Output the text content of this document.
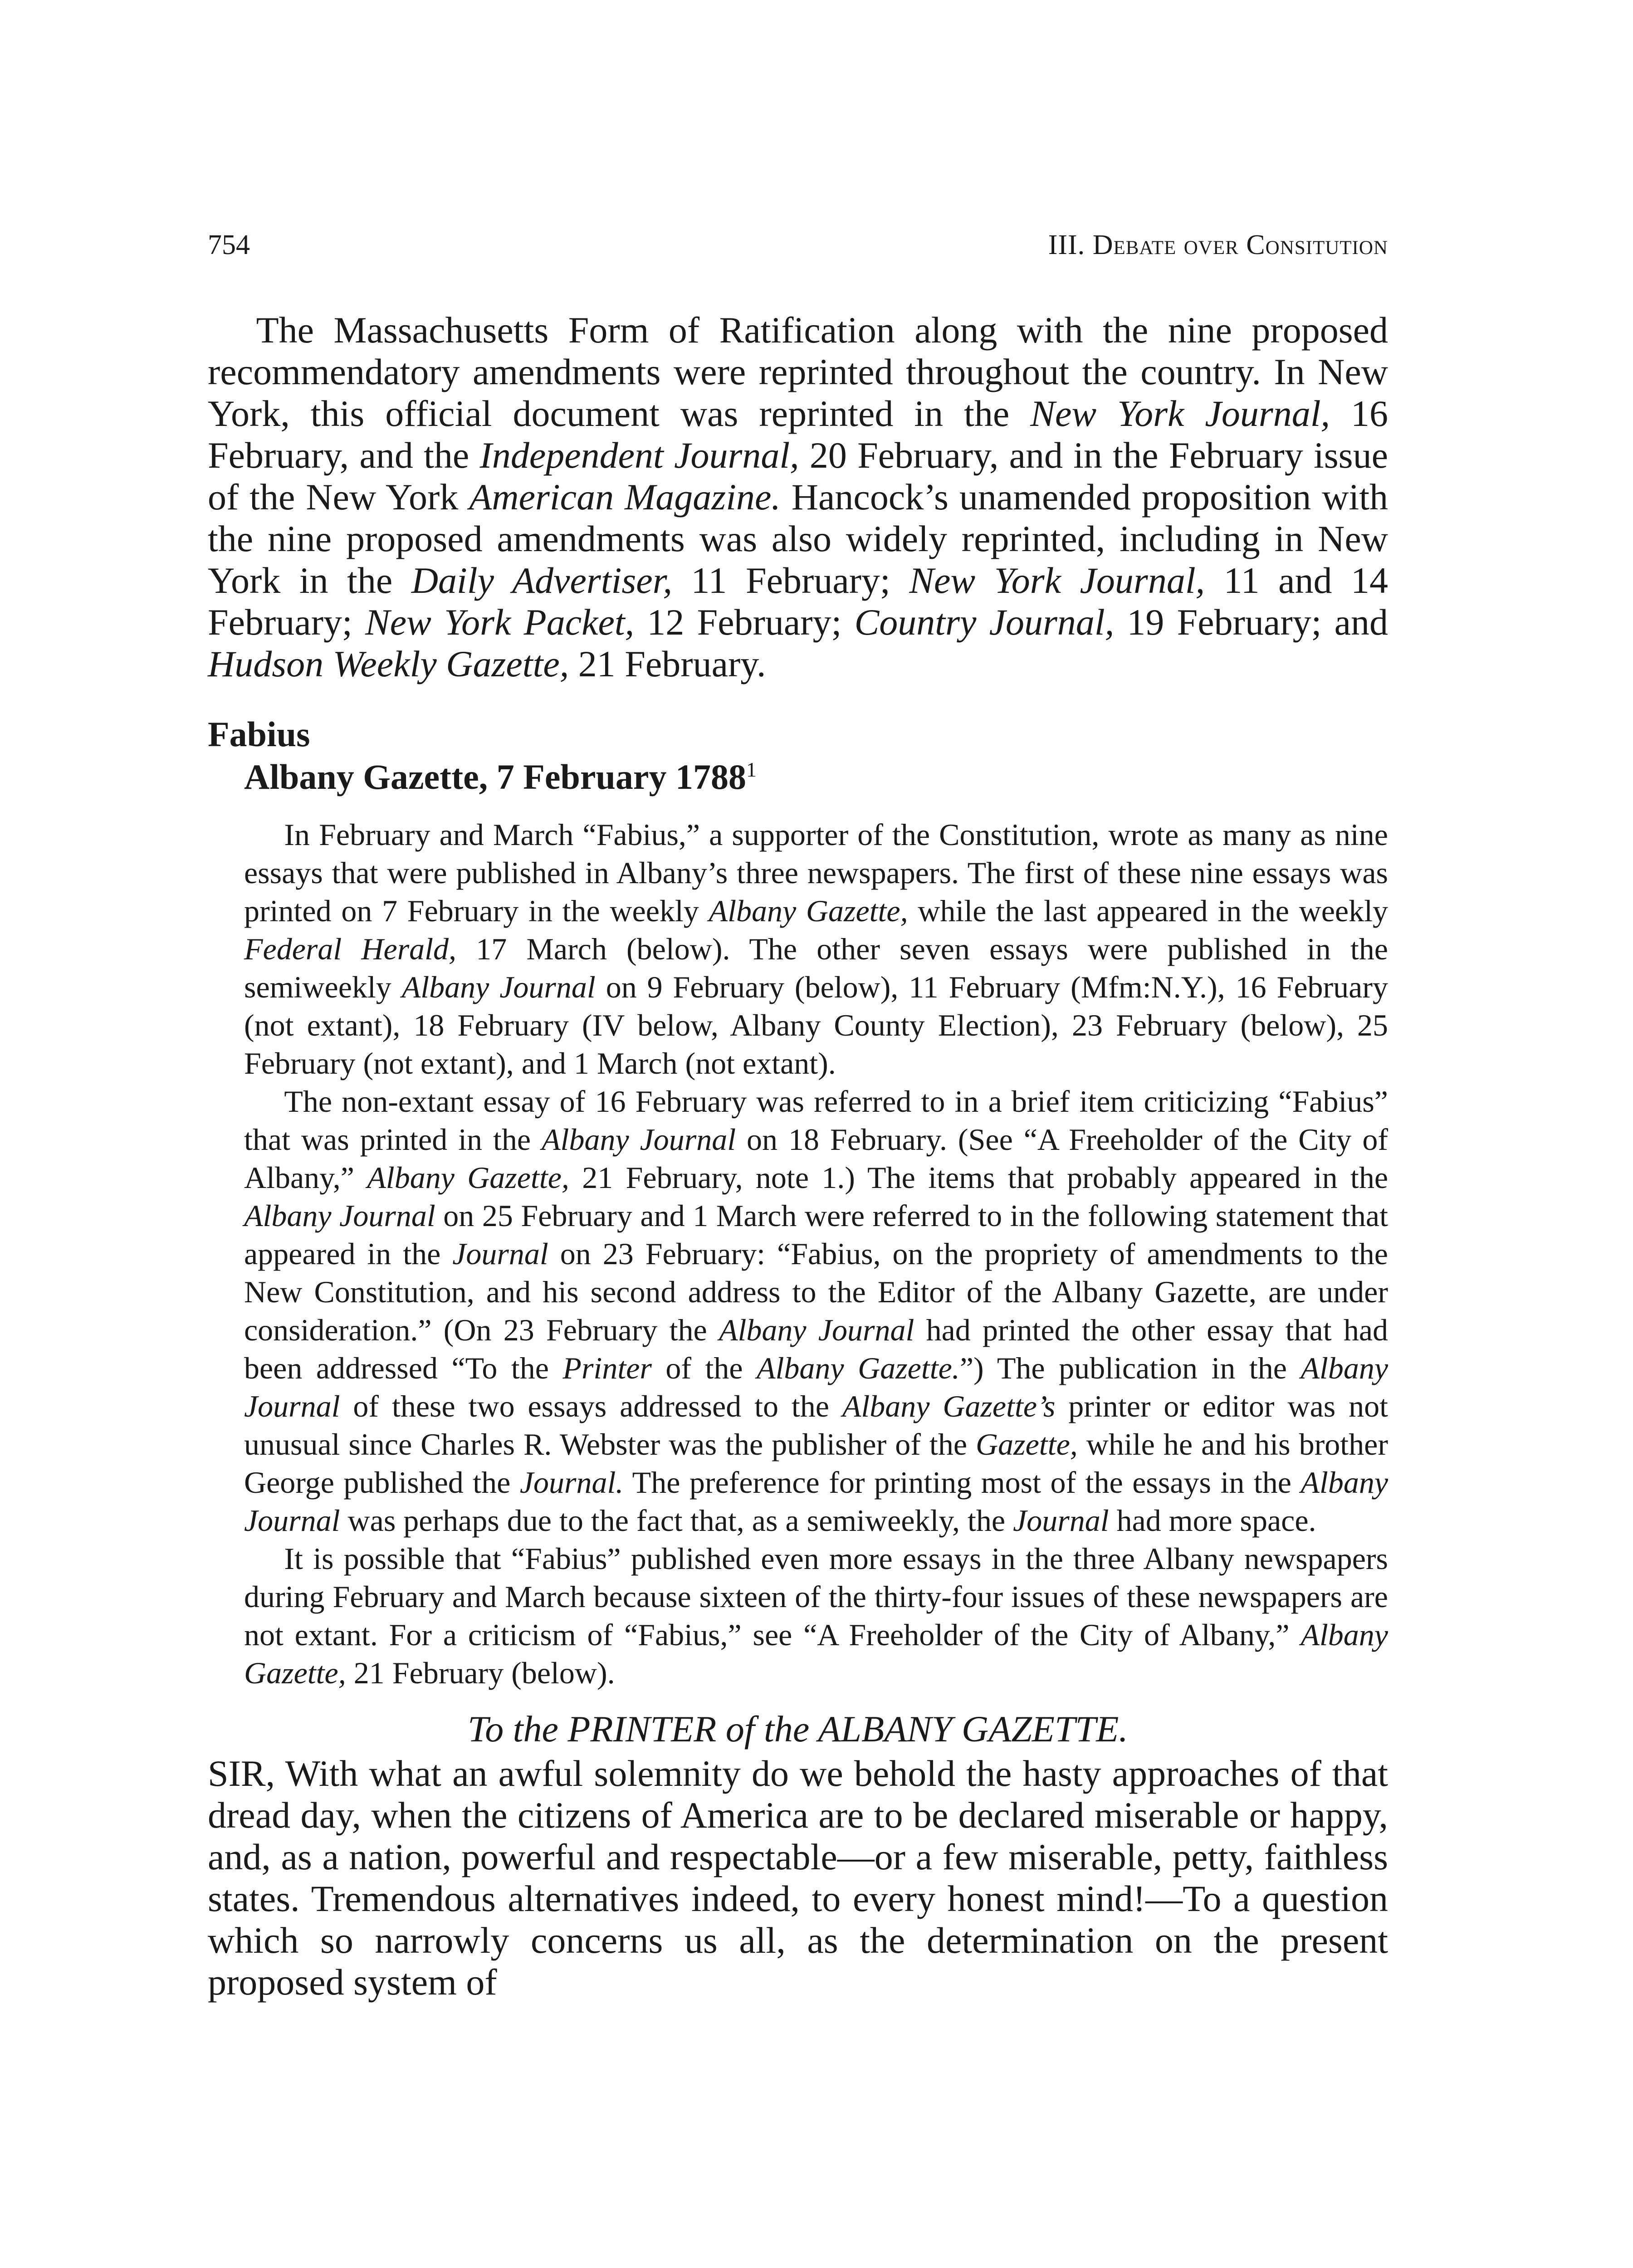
754	III. Debate over Consitution

The Massachusetts Form of Ratification along with the nine proposed recommendatory amendments were reprinted throughout the country. In New York, this official document was reprinted in the New York Journal, 16 February, and the Independent Journal, 20 February, and in the February issue of the New York American Magazine. Hancock’s unamended proposition with the nine proposed amendments was also widely reprinted, including in New York in the Daily Advertiser, 11 February; New York Journal, 11 and 14 February; New York Packet, 12 February; Country Journal, 19 February; and Hudson Weekly Gazette, 21 February.

Fabius
Albany Gazette, 7 February 1788$^1$

In February and March “Fabius,” a supporter of the Constitution, wrote as many as nine essays that were published in Albany’s three newspapers. The first of these nine essays was printed on 7 February in the weekly Albany Gazette, while the last appeared in the weekly Federal Herald, 17 March (below). The other seven essays were published in the semiweekly Albany Journal on 9 February (below), 11 February (Mfm:N.Y.), 16 February (not extant), 18 February (IV below, Albany County Election), 23 February (below), 25 February (not extant), and 1 March (not extant).

The non-extant essay of 16 February was referred to in a brief item criticizing “Fabius” that was printed in the Albany Journal on 18 February. (See “A Freeholder of the City of Albany,” Albany Gazette, 21 February, note 1.) The items that probably appeared in the Albany Journal on 25 February and 1 March were referred to in the following statement that appeared in the Journal on 23 February: “Fabius, on the propriety of amendments to the New Constitution, and his second address to the Editor of the Albany Gazette, are under consideration.” (On 23 February the Albany Journal had printed the other essay that had been addressed “To the Printer of the Albany Gazette.”) The publication in the Albany Journal of these two essays addressed to the Albany Gazette’s printer or editor was not unusual since Charles R. Webster was the publisher of the Gazette, while he and his brother George published the Journal. The preference for printing most of the essays in the Albany Journal was perhaps due to the fact that, as a semiweekly, the Journal had more space.

It is possible that “Fabius” published even more essays in the three Albany newspapers during February and March because sixteen of the thirty-four issues of these newspapers are not extant. For a criticism of “Fabius,” see “A Freeholder of the City of Albany,” Albany Gazette, 21 February (below).

To the PRINTER of the ALBANY GAZETTE.

SIR, With what an awful solemnity do we behold the hasty approaches of that dread day, when the citizens of America are to be declared miserable or happy, and, as a nation, powerful and respectable—or a few miserable, petty, faithless states. Tremendous alternatives indeed, to every honest mind!—To a question which so narrowly concerns us all, as the determination on the present proposed system of
